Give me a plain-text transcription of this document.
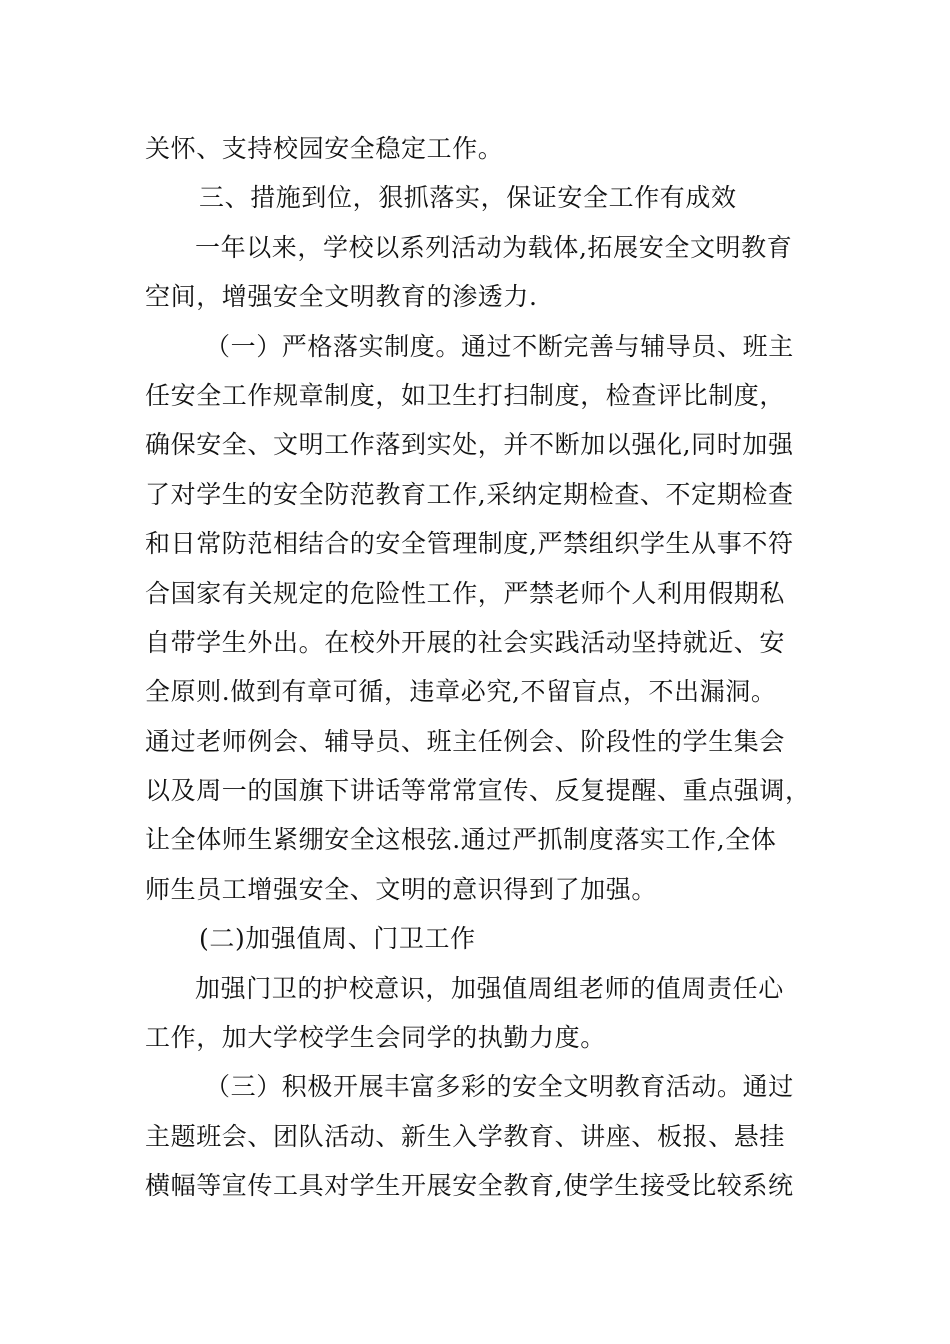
关怀、支持校园安全稳定工作。
三、措施到位，狠抓落实，保证安全工作有成效
一年以来，学校以系列活动为载体,拓展安全文明教育
空间，增强安全文明教育的渗透力.
（一）严格落实制度。通过不断完善与辅导员、班主
任安全工作规章制度，如卫生打扫制度，检查评比制度，
确保安全、文明工作落到实处，并不断加以强化,同时加强
了对学生的安全防范教育工作,采纳定期检查、不定期检查
和日常防范相结合的安全管理制度,严禁组织学生从事不符
合国家有关规定的危险性工作，严禁老师个人利用假期私
自带学生外出。在校外开展的社会实践活动坚持就近、安
全原则.做到有章可循，违章必究,不留盲点，不出漏洞。
通过老师例会、辅导员、班主任例会、阶段性的学生集会
以及周一的国旗下讲话等常常宣传、反复提醒、重点强调，
让全体师生紧绷安全这根弦.通过严抓制度落实工作,全体
师生员工增强安全、文明的意识得到了加强。
(二)加强值周、门卫工作
加强门卫的护校意识，加强值周组老师的值周责任心
工作，加大学校学生会同学的执勤力度。
（三）积极开展丰富多彩的安全文明教育活动。通过
主题班会、团队活动、新生入学教育、讲座、板报、悬挂
横幅等宣传工具对学生开展安全教育,使学生接受比较系统
